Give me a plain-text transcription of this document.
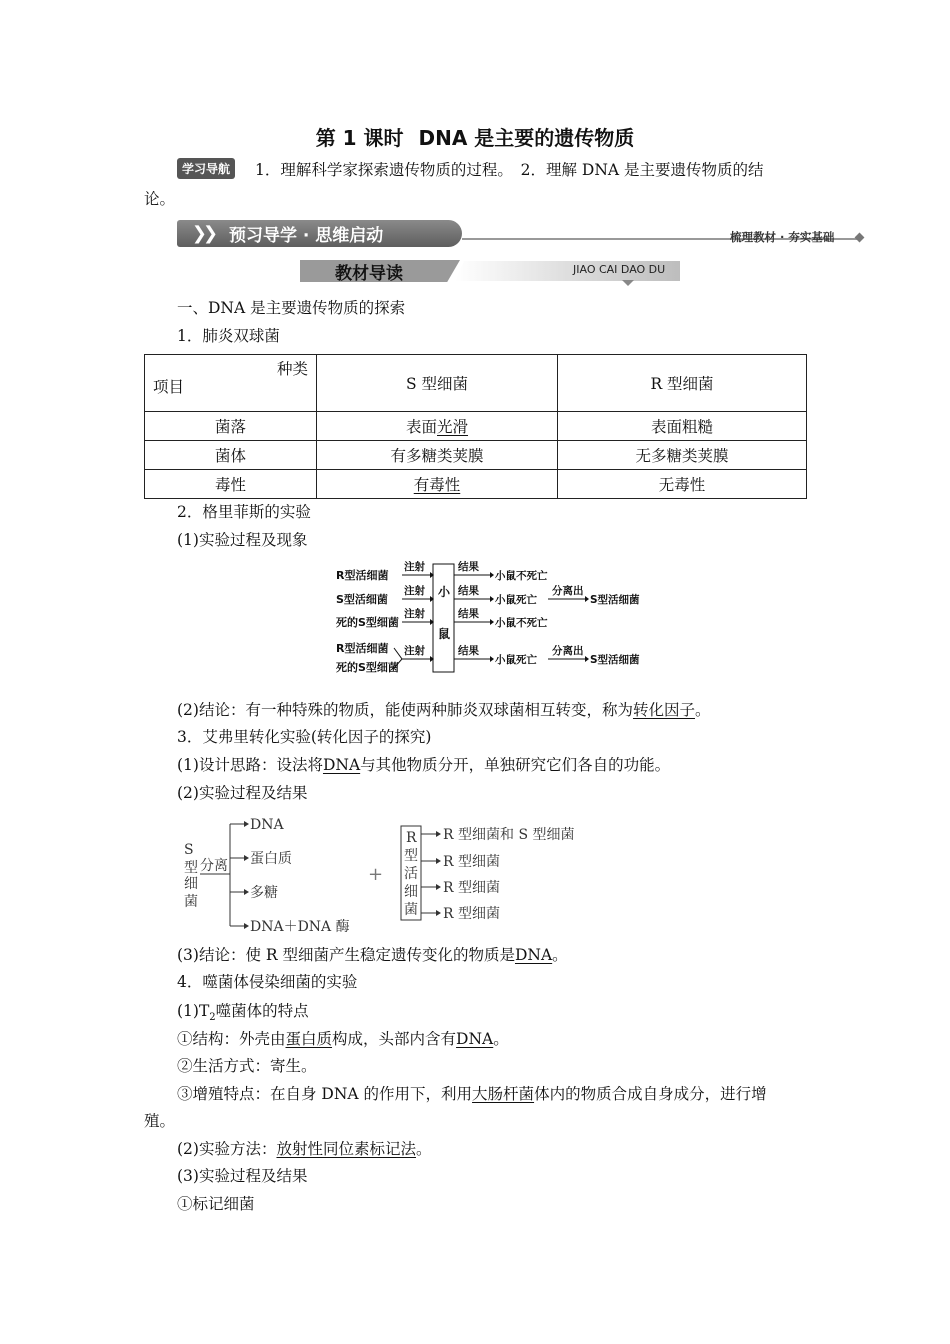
第 1 课时 DNA 是主要的遗传物质
学习导航	1．理解科学家探索遗传物质的过程。　2．理解 DNA 是主要遗传物质的结
论。
❯❯ 预习导学 · 思维启动	梳理教材 · 夯实基础
教材导读	JIAO CAI DAO DU
一、DNA 是主要遗传物质的探索
1．肺炎双球菌
种类
项目	S 型细菌	R 型细菌
菌落	表面光滑	表面粗糙
菌体	有多糖类荚膜	无多糖类荚膜
毒性	有毒性	无毒性
2．格里菲斯的实验
(1)实验过程及现象
R型活细菌
S型活细菌
死的S型细菌
R型活细菌
死的S型细菌
注射
注射
注射
注射
结果
结果
结果
结果
小
鼠
小鼠不死亡
小鼠死亡
小鼠不死亡
小鼠死亡
分离出
分离出
S型活细菌
S型活细菌
(2)结论：有一种特殊的物质，能使两种肺炎双球菌相互转变，称为转化因子。
3．艾弗里转化实验(转化因子的探究)
(1)设计思路：设法将DNA与其他物质分开，单独研究它们各自的功能。
(2)实验过程及结果
S
型
细
菌
分离
DNA
蛋白质
多糖
DNA＋DNA 酶
+
R
型
活
细
菌
R 型细菌和 S 型细菌
R 型细菌
R 型细菌
R 型细菌
(3)结论：使 R 型细菌产生稳定遗传变化的物质是DNA。
4．噬菌体侵染细菌的实验
$(1)T_2$噬菌体的特点
①结构：外壳由蛋白质构成，头部内含有DNA。
②生活方式：寄生。
③增殖特点：在自身 DNA 的作用下，利用大肠杆菌体内的物质合成自身成分，进行增
殖。
(2)实验方法：放射性同位素标记法。
(3)实验过程及结果
①标记细菌
